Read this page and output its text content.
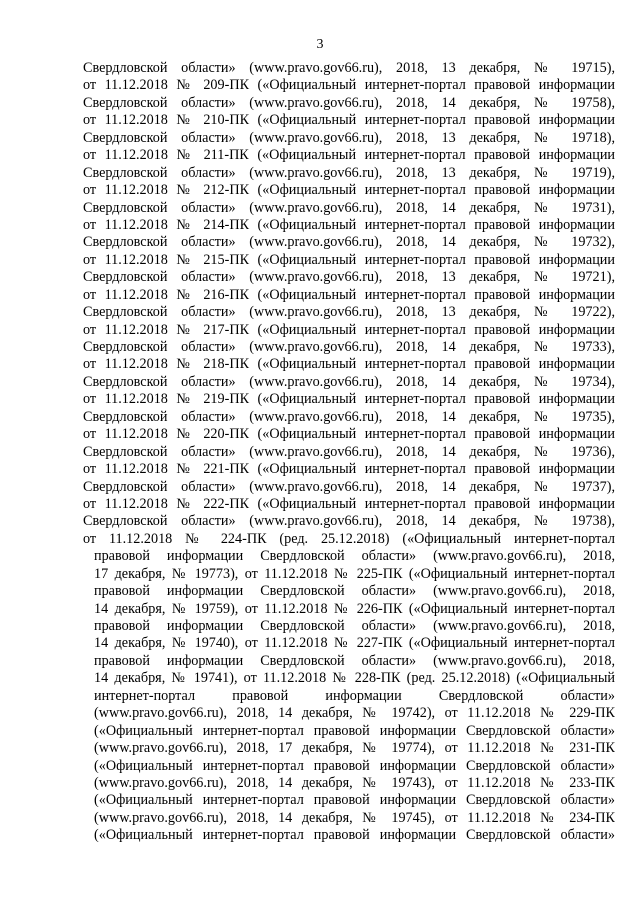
3
Свердловской области» (www.pravo.gov66.ru), 2018, 13 декабря, № 19715),
от 11.12.2018 № 209-ПК («Официальный интернет-портал правовой информации
Свердловской области» (www.pravo.gov66.ru), 2018, 14 декабря, № 19758),
от 11.12.2018 № 210-ПК («Официальный интернет-портал правовой информации
Свердловской области» (www.pravo.gov66.ru), 2018, 13 декабря, № 19718),
от 11.12.2018 № 211-ПК («Официальный интернет-портал правовой информации
Свердловской области» (www.pravo.gov66.ru), 2018, 13 декабря, № 19719),
от 11.12.2018 № 212-ПК («Официальный интернет-портал правовой информации
Свердловской области» (www.pravo.gov66.ru), 2018, 14 декабря, № 19731),
от 11.12.2018 № 214-ПК («Официальный интернет-портал правовой информации
Свердловской области» (www.pravo.gov66.ru), 2018, 14 декабря, № 19732),
от 11.12.2018 № 215-ПК («Официальный интернет-портал правовой информации
Свердловской области» (www.pravo.gov66.ru), 2018, 13 декабря, № 19721),
от 11.12.2018 № 216-ПК («Официальный интернет-портал правовой информации
Свердловской области» (www.pravo.gov66.ru), 2018, 13 декабря, № 19722),
от 11.12.2018 № 217-ПК («Официальный интернет-портал правовой информации
Свердловской области» (www.pravo.gov66.ru), 2018, 14 декабря, № 19733),
от 11.12.2018 № 218-ПК («Официальный интернет-портал правовой информации
Свердловской области» (www.pravo.gov66.ru), 2018, 14 декабря, № 19734),
от 11.12.2018 № 219-ПК («Официальный интернет-портал правовой информации
Свердловской области» (www.pravo.gov66.ru), 2018, 14 декабря, № 19735),
от 11.12.2018 № 220-ПК («Официальный интернет-портал правовой информации
Свердловской области» (www.pravo.gov66.ru), 2018, 14 декабря, № 19736),
от 11.12.2018 № 221-ПК («Официальный интернет-портал правовой информации
Свердловской области» (www.pravo.gov66.ru), 2018, 14 декабря, № 19737),
от 11.12.2018 № 222-ПК («Официальный интернет-портал правовой информации
Свердловской области» (www.pravo.gov66.ru), 2018, 14 декабря, № 19738),
от 11.12.2018 № 224-ПК (ред. 25.12.2018) («Официальный интернет-портал
правовой информации Свердловской области» (www.pravo.gov66.ru), 2018,
17 декабря, № 19773), от 11.12.2018 № 225-ПК («Официальный интернет-портал
правовой информации Свердловской области» (www.pravo.gov66.ru), 2018,
14 декабря, № 19759), от 11.12.2018 № 226-ПК («Официальный интернет-портал
правовой информации Свердловской области» (www.pravo.gov66.ru), 2018,
14 декабря, № 19740), от 11.12.2018 № 227-ПК («Официальный интернет-портал
правовой информации Свердловской области» (www.pravo.gov66.ru), 2018,
14 декабря, № 19741), от 11.12.2018 № 228-ПК (ред. 25.12.2018) («Официальный
интернет-портал правовой информации Свердловской области»
(www.pravo.gov66.ru), 2018, 14 декабря, № 19742), от 11.12.2018 № 229-ПК
(«Официальный интернет-портал правовой информации Свердловской области»
(www.pravo.gov66.ru), 2018, 17 декабря, № 19774), от 11.12.2018 № 231-ПК
(«Официальный интернет-портал правовой информации Свердловской области»
(www.pravo.gov66.ru), 2018, 14 декабря, № 19743), от 11.12.2018 № 233-ПК
(«Официальный интернет-портал правовой информации Свердловской области»
(www.pravo.gov66.ru), 2018, 14 декабря, № 19745), от 11.12.2018 № 234-ПК
(«Официальный интернет-портал правовой информации Свердловской области»
